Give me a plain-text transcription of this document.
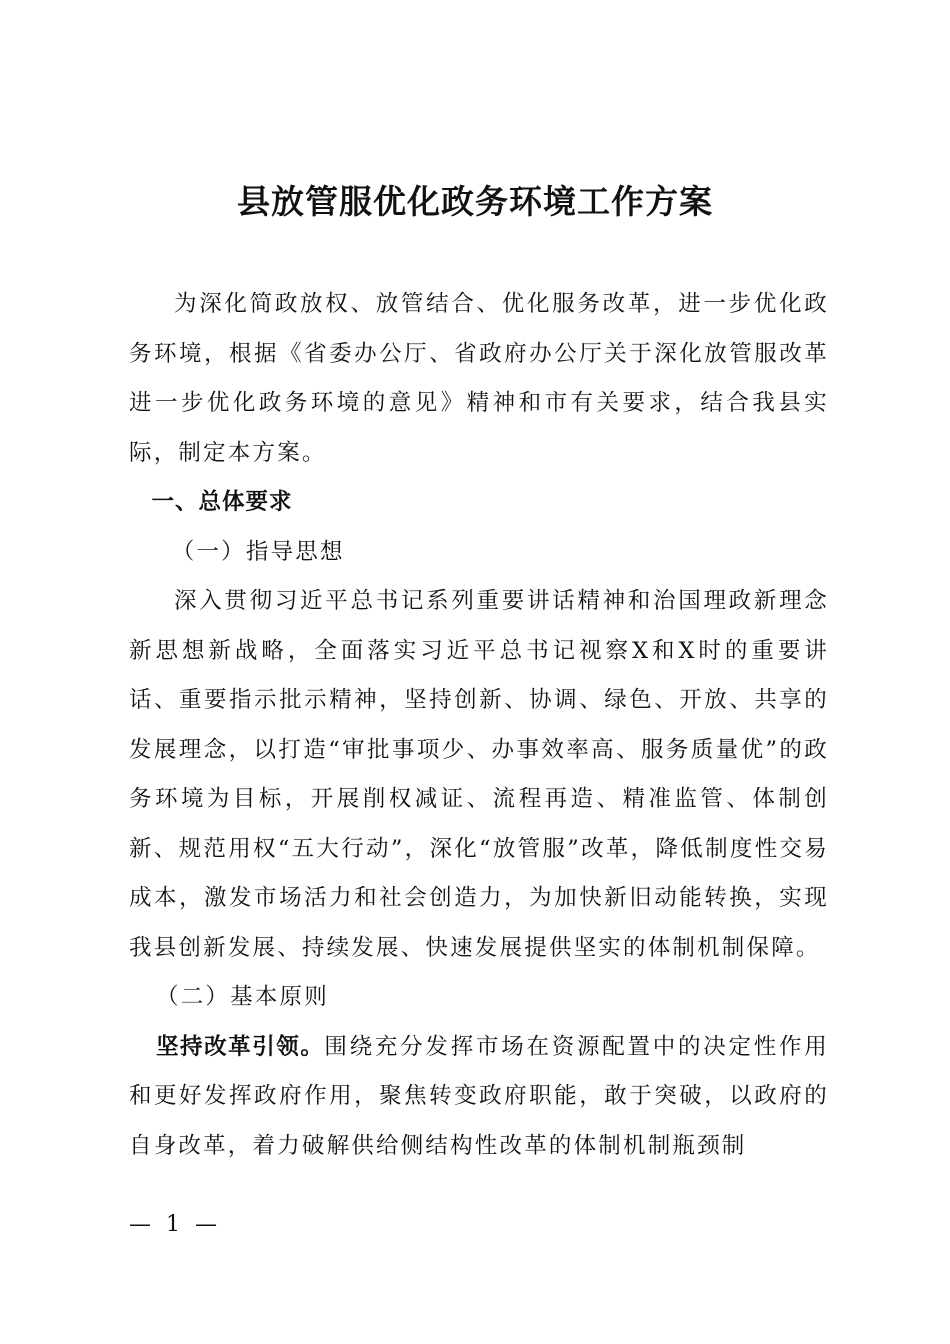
县放管服优化政务环境工作方案

为深化简政放权、放管结合、优化服务改革，进一步优化政务环境，根据《省委办公厅、省政府办公厅关于深化放管服改革进一步优化政务环境的意见》精神和市有关要求，结合我县实际，制定本方案。

一、总体要求

（一）指导思想

深入贯彻习近平总书记系列重要讲话精神和治国理政新理念新思想新战略，全面落实习近平总书记视察X和X时的重要讲话、重要指示批示精神，坚持创新、协调、绿色、开放、共享的发展理念，以打造“审批事项少、办事效率高、服务质量优”的政务环境为目标，开展削权减证、流程再造、精准监管、体制创新、规范用权“五大行动”，深化“放管服”改革，降低制度性交易成本，激发市场活力和社会创造力，为加快新旧动能转换，实现我县创新发展、持续发展、快速发展提供坚实的体制机制保障。

（二）基本原则

坚持改革引领。围绕充分发挥市场在资源配置中的决定性作用和更好发挥政府作用，聚焦转变政府职能，敢于突破，以政府的自身改革，着力破解供给侧结构性改革的体制机制瓶颈制

— 1 —
